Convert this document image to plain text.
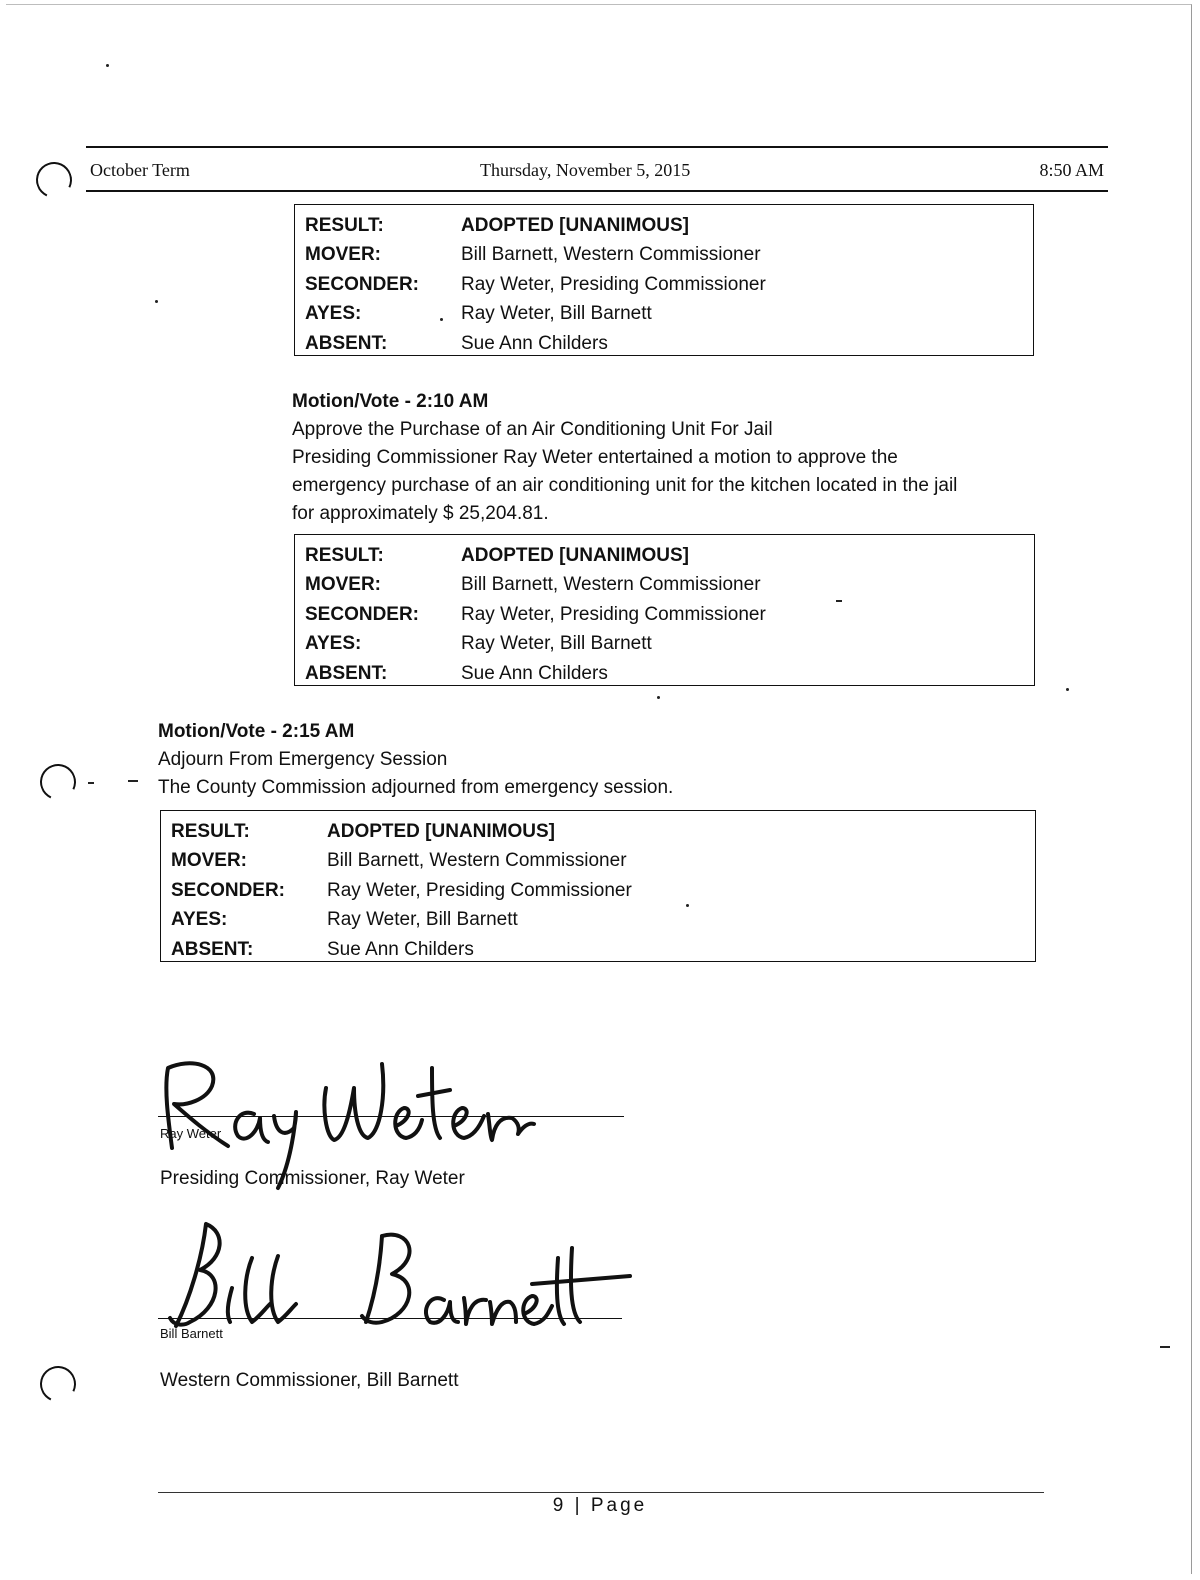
October Term	Thursday, November 5, 2015	8:50 AM
RESULT:	ADOPTED [UNANIMOUS]
MOVER:	Bill Barnett, Western Commissioner
SECONDER:	Ray Weter, Presiding Commissioner
AYES:	Ray Weter, Bill Barnett
ABSENT:	Sue Ann Childers
Motion/Vote - 2:10 AM
Approve the Purchase of an Air Conditioning Unit For Jail
Presiding Commissioner Ray Weter entertained a motion to approve the
emergency purchase of an air conditioning unit for the kitchen located in the jail
for approximately $ 25,204.81.
RESULT:	ADOPTED [UNANIMOUS]
MOVER:	Bill Barnett, Western Commissioner
SECONDER:	Ray Weter, Presiding Commissioner
AYES:	Ray Weter, Bill Barnett
ABSENT:	Sue Ann Childers
Motion/Vote - 2:15 AM
Adjourn From Emergency Session
The County Commission adjourned from emergency session.
RESULT:	ADOPTED [UNANIMOUS]
MOVER:	Bill Barnett, Western Commissioner
SECONDER:	Ray Weter, Presiding Commissioner
AYES:	Ray Weter, Bill Barnett
ABSENT:	Sue Ann Childers
Ray Weter
Presiding Commissioner, Ray Weter
Bill Barnett
Western Commissioner, Bill Barnett
9 | Page
